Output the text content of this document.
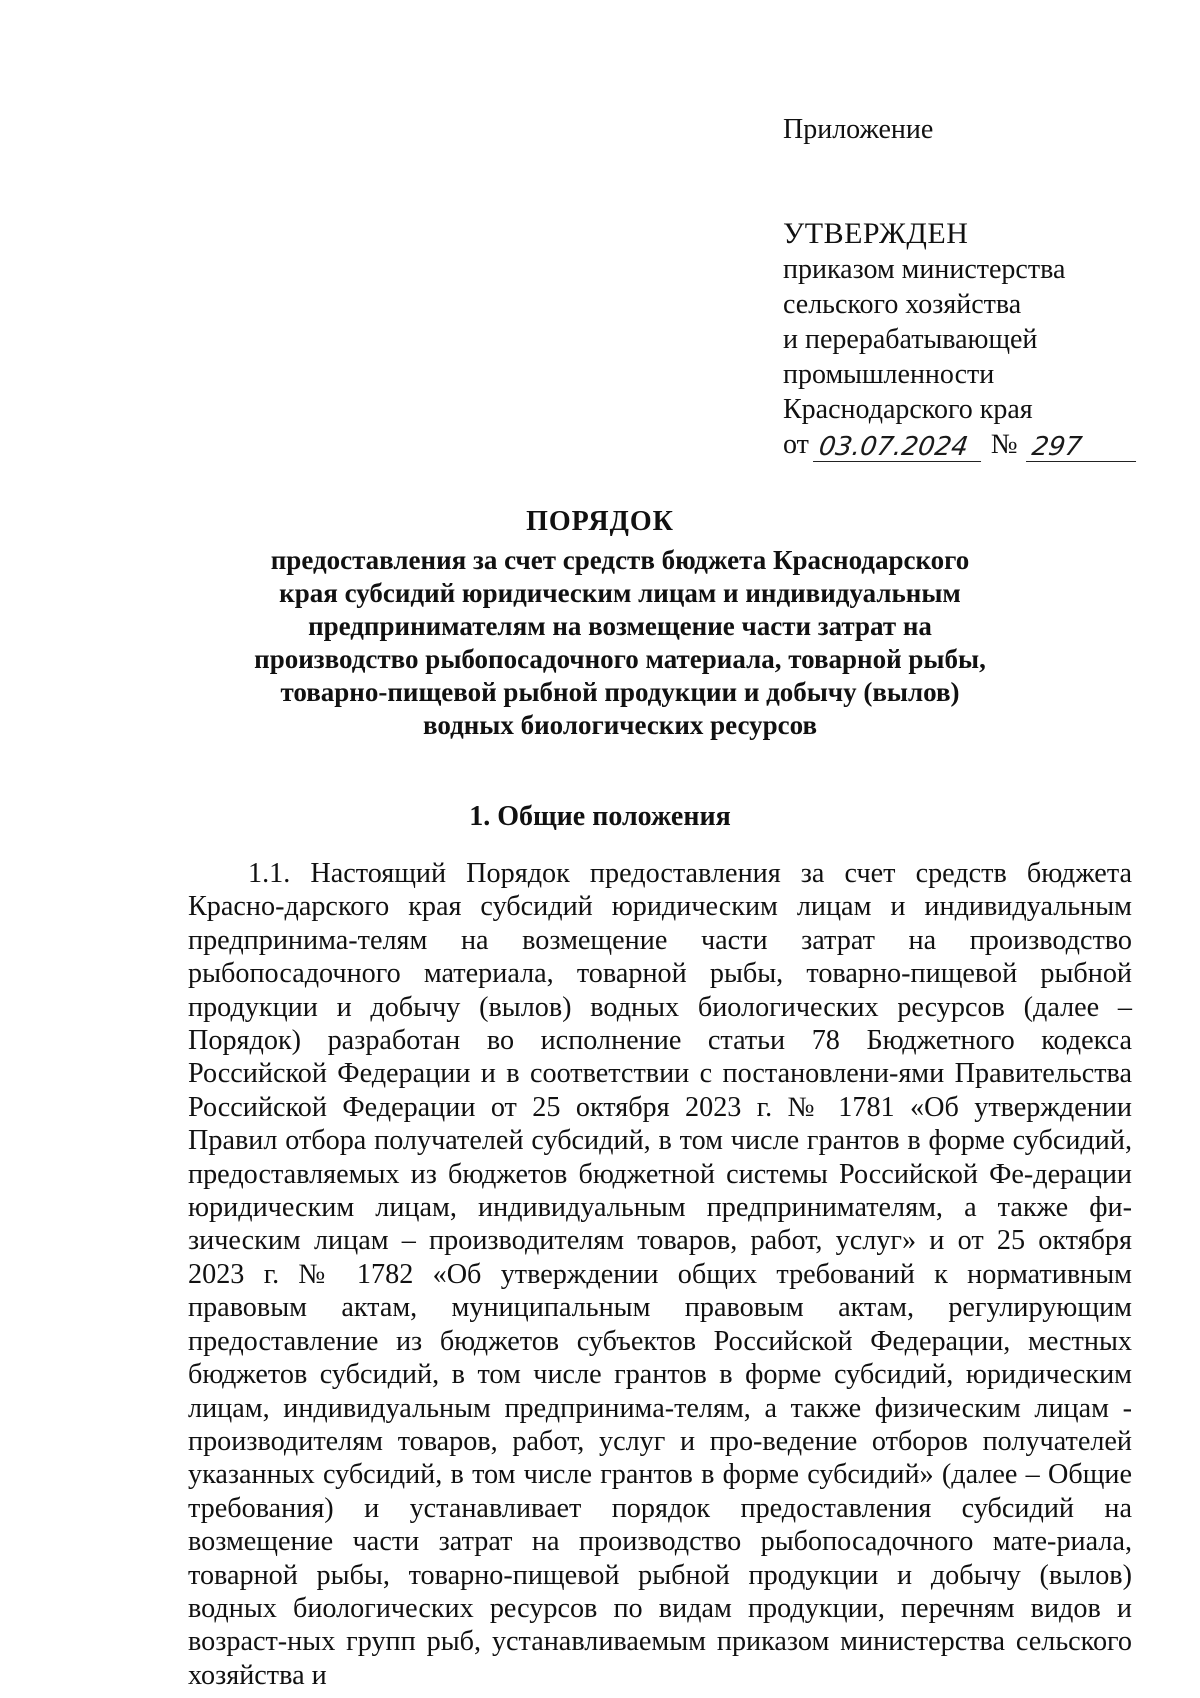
Приложение

УТВЕРЖДЕН

приказом министерства

сельского хозяйства

и перерабатывающей

промышленности

Краснодарского края

от 03.07.2024 № 297
ПОРЯДОК

предоставления за счет средств бюджета Краснодарского края субсидий юридическим лицам и индивидуальным предпринимателям на возмещение части затрат на производство рыбопосадочного материала, товарной рыбы, товарно-пищевой рыбной продукции и добычу (вылов) водных биологических ресурсов

1. Общие положения

1.1. Настоящий Порядок предоставления за счет средств бюджета Красно-дарского края субсидий юридическим лицам и индивидуальным предпринима-телям на возмещение части затрат на производство рыбопосадочного материала, товарной рыбы, товарно-пищевой рыбной продукции и добычу (вылов) водных биологических ресурсов (далее – Порядок) разработан во исполнение статьи 78 Бюджетного кодекса Российской Федерации и в соответствии с постановлени-ями Правительства Российской Федерации от 25 октября 2023 г. № 1781 «Об утверждении Правил отбора получателей субсидий, в том числе грантов в форме субсидий, предоставляемых из бюджетов бюджетной системы Российской Фе-дерации юридическим лицам, индивидуальным предпринимателям, а также фи-зическим лицам – производителям товаров, работ, услуг» и от 25 октября 2023 г. № 1782 «Об утверждении общих требований к нормативным правовым актам, муниципальным правовым актам, регулирующим предоставление из бюджетов субъектов Российской Федерации, местных бюджетов субсидий, в том числе грантов в форме субсидий, юридическим лицам, индивидуальным предпринима-телям, а также физическим лицам - производителям товаров, работ, услуг и про-ведение отборов получателей указанных субсидий, в том числе грантов в форме субсидий» (далее – Общие требования) и устанавливает порядок предоставления субсидий на возмещение части затрат на производство рыбопосадочного мате-риала, товарной рыбы, товарно-пищевой рыбной продукции и добычу (вылов) водных биологических ресурсов по видам продукции, перечням видов и возраст-ных групп рыб, устанавливаемым приказом министерства сельского хозяйства и
